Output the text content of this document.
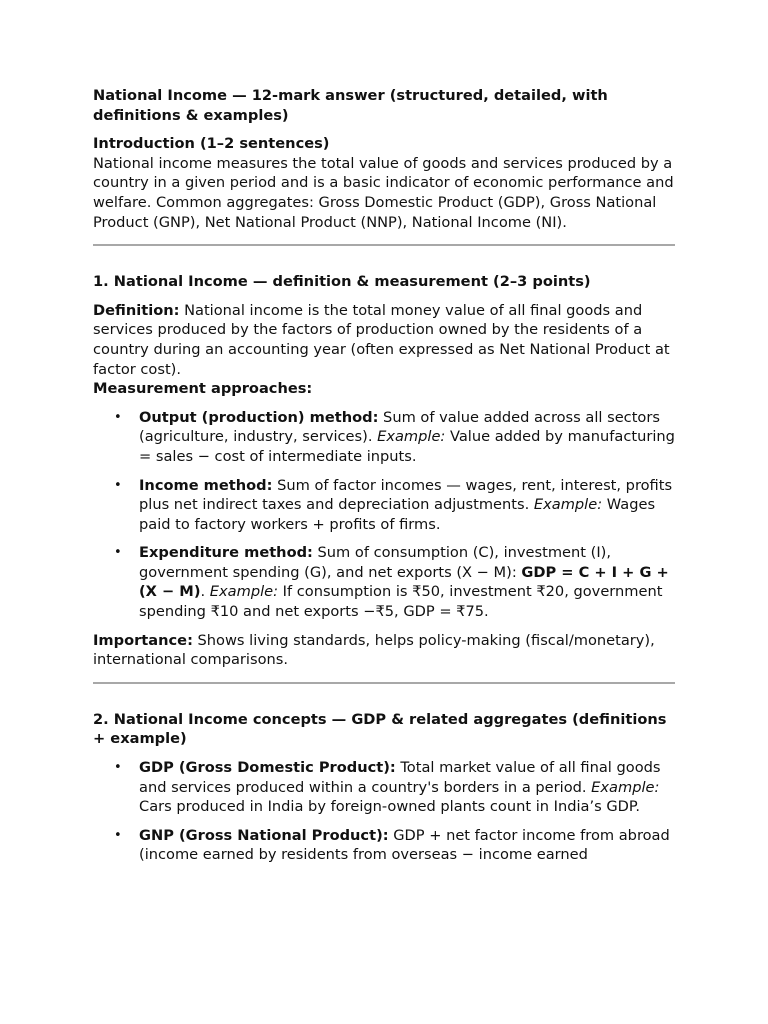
National Income — 12-mark answer (structured, detailed, with definitions & examples)
Introduction (1–2 sentences)

National income measures the total value of goods and services produced by a country in a given period and is a basic indicator of economic performance and welfare. Common aggregates: Gross Domestic Product (GDP), Gross National Product (GNP), Net National Product (NNP), National Income (NI).

1. National Income — definition & measurement (2–3 points)

Definition: National income is the total money value of all final goods and services produced by the factors of production owned by the residents of a country during an accounting year (often expressed as Net National Product at factor cost).

Measurement approaches:
• Output (production) method: Sum of value added across all sectors (agriculture, industry, services). Example: Value added by manufacturing = sales − cost of intermediate inputs.
• Income method: Sum of factor incomes — wages, rent, interest, profits plus net indirect taxes and depreciation adjustments. Example: Wages paid to factory workers + profits of firms.
• Expenditure method: Sum of consumption (C), investment (I), government spending (G), and net exports (X − M): GDP = C + I + G + (X − M). Example: If consumption is ₹50, investment ₹20, government spending ₹10 and net exports −₹5, GDP = ₹75.

Importance: Shows living standards, helps policy-making (fiscal/monetary), international comparisons.

2. National Income concepts — GDP & related aggregates (definitions + example)
• GDP (Gross Domestic Product): Total market value of all final goods and services produced within a country's borders in a period. Example: Cars produced in India by foreign-owned plants count in India’s GDP.
• GNP (Gross National Product): GDP + net factor income from abroad (income earned by residents from overseas − income earned
